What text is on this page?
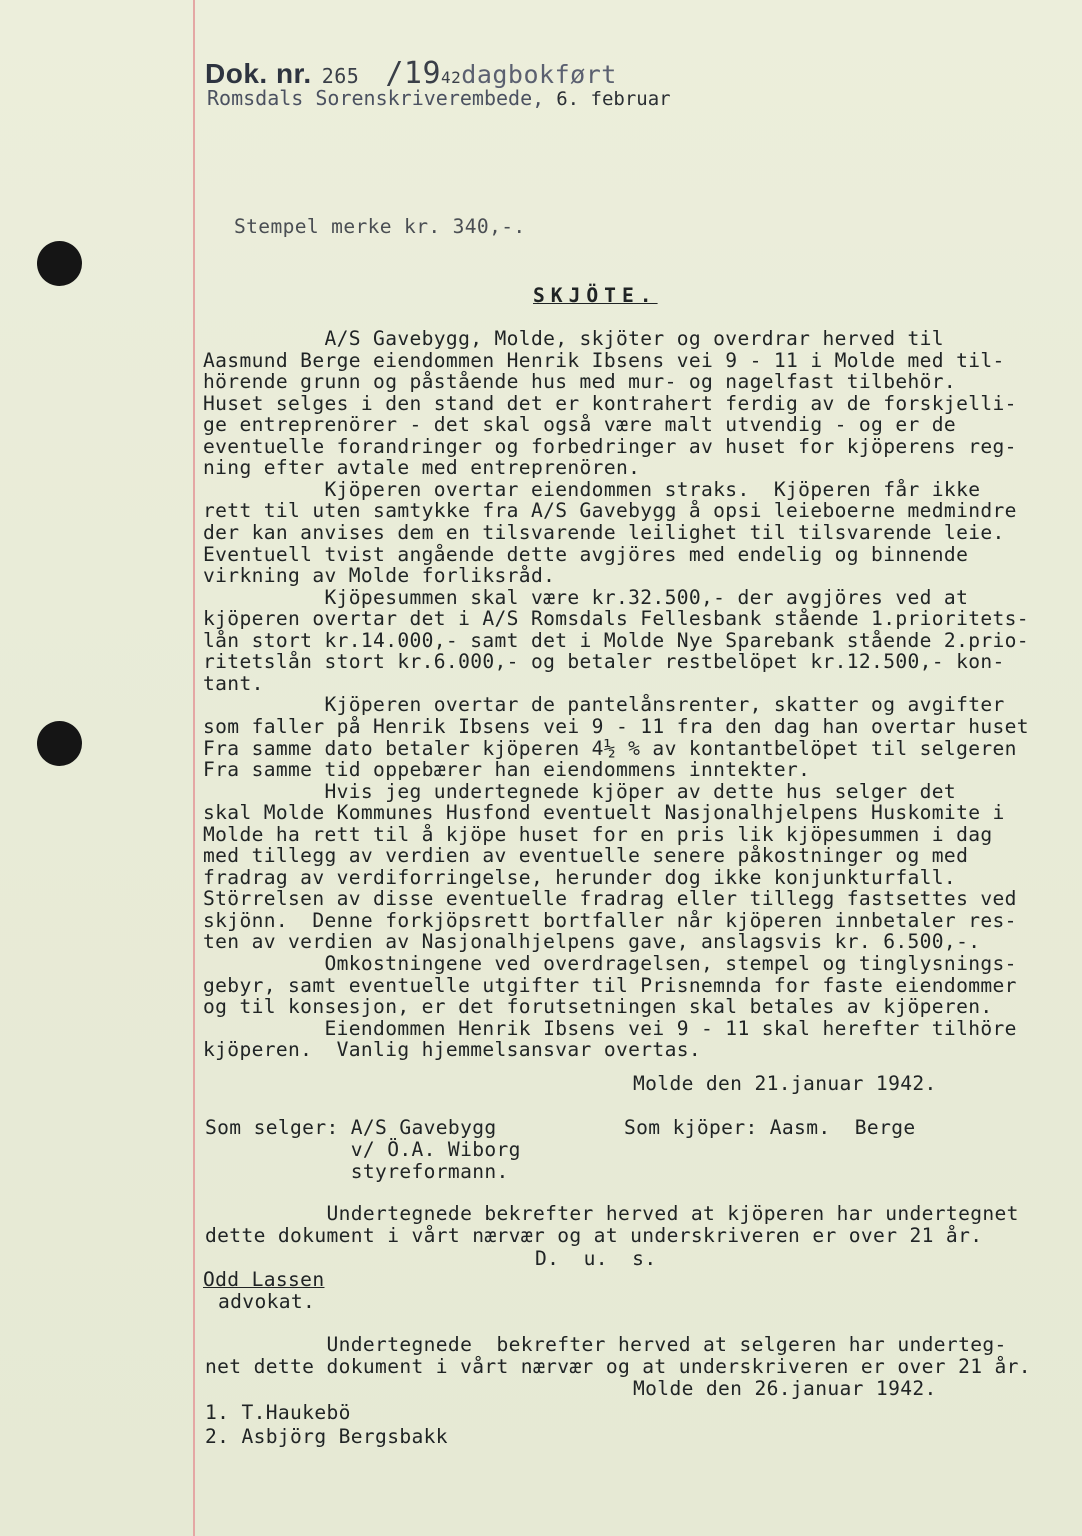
Dok. nr. 265 /1942dagbokført
Romsdals Sorenskriverembede, 6. februar
Stempel merke kr. 340,-.
SKJÖTE.
A/S Gavebygg, Molde, skjöter og overdrar herved til
Aasmund Berge eiendommen Henrik Ibsens vei 9 - 11 i Molde med til-
hörende grunn og påstående hus med mur- og nagelfast tilbehör.
Huset selges i den stand det er kontrahert ferdig av de forskjelli-
ge entreprenörer - det skal også være malt utvendig - og er de
eventuelle forandringer og forbedringer av huset for kjöperens reg-
ning efter avtale med entreprenören.
Kjöperen overtar eiendommen straks.  Kjöperen får ikke
rett til uten samtykke fra A/S Gavebygg å opsi leieboerne medmindre
der kan anvises dem en tilsvarende leilighet til tilsvarende leie.
Eventuell tvist angående dette avgjöres med endelig og binnende
virkning av Molde forliksråd.
Kjöpesummen skal være kr.32.500,- der avgjöres ved at
kjöperen overtar det i A/S Romsdals Fellesbank stående 1.prioritets-
lån stort kr.14.000,- samt det i Molde Nye Sparebank stående 2.prio-
ritetslån stort kr.6.000,- og betaler restbelöpet kr.12.500,- kon-
tant.
Kjöperen overtar de pantelånsrenter, skatter og avgifter
som faller på Henrik Ibsens vei 9 - 11 fra den dag han overtar huset
Fra samme dato betaler kjöperen 4½ % av kontantbelöpet til selgeren
Fra samme tid oppebærer han eiendommens inntekter.
Hvis jeg undertegnede kjöper av dette hus selger det
skal Molde Kommunes Husfond eventuelt Nasjonalhjelpens Huskomite i
Molde ha rett til å kjöpe huset for en pris lik kjöpesummen i dag
med tillegg av verdien av eventuelle senere påkostninger og med
fradrag av verdiforringelse, herunder dog ikke konjunkturfall.
Störrelsen av disse eventuelle fradrag eller tillegg fastsettes ved
skjönn.  Denne forkjöpsrett bortfaller når kjöperen innbetaler res-
ten av verdien av Nasjonalhjelpens gave, anslagsvis kr. 6.500,-.
Omkostningene ved overdragelsen, stempel og tinglysnings-
gebyr, samt eventuelle utgifter til Prisnemnda for faste eiendommer
og til konsesjon, er det forutsetningen skal betales av kjöperen.
Eiendommen Henrik Ibsens vei 9 - 11 skal herefter tilhöre
kjöperen.  Vanlig hjemmelsansvar overtas.
Molde den 21.januar 1942.
Som selger: A/S Gavebygg
v/ Ö.A. Wiborg
styreformann.
Som kjöper: Aasm.  Berge
Undertegnede bekrefter herved at kjöperen har undertegnet
dette dokument i vårt nærvær og at underskriveren er over 21 år.
D.  u.  s.
Odd Lassen
advokat.
Undertegnede  bekrefter herved at selgeren har underteg-
net dette dokument i vårt nærvær og at underskriveren er over 21 år.
Molde den 26.januar 1942.
1. T.Haukebö
2. Asbjörg Bergsbakk
